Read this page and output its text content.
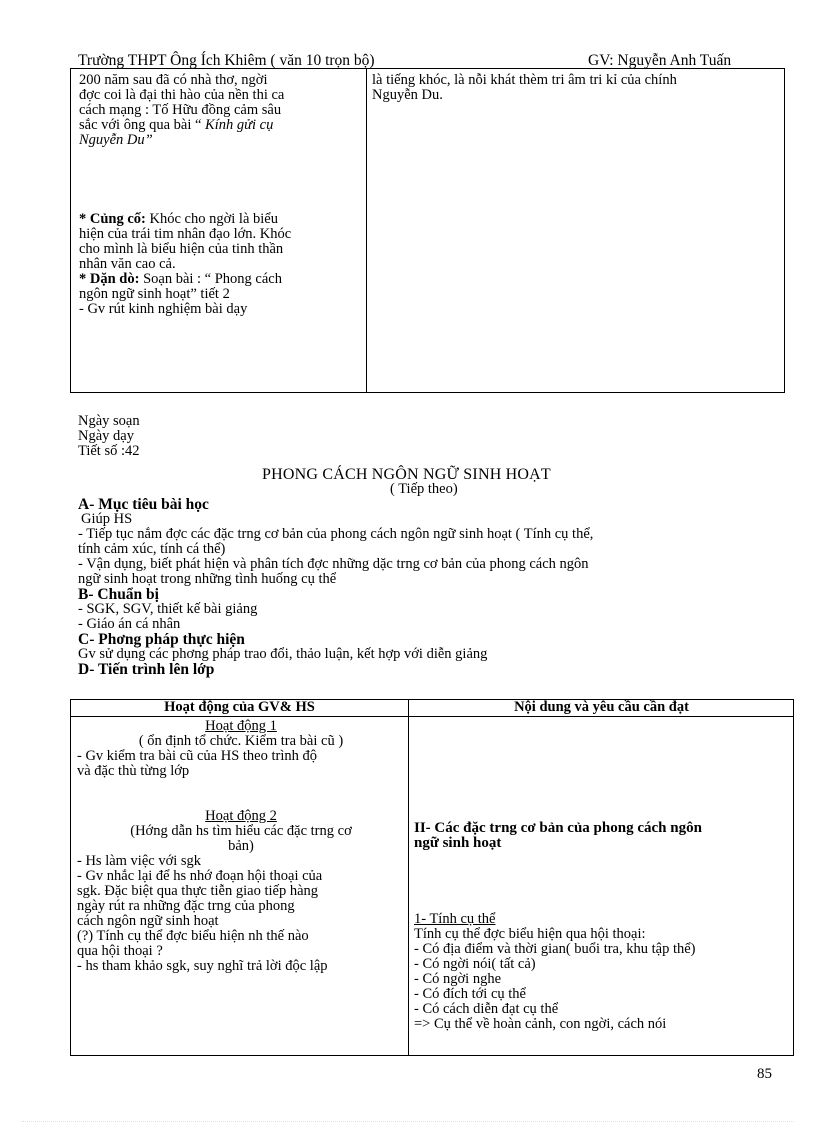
Trường THPT Ông Ích Khiêm ( văn 10 trọn bộ)	GV: Nguyễn Anh Tuấn
200 năm sau đã có nhà thơ, ngời
đợc coi là đại thi hào của nền thi ca
cách mạng : Tố Hữu đồng cảm sâu
sắc với ông qua bài “ Kính gửi cụ
Nguyễn Du”
* Củng cố: Khóc cho ngời là biểu
hiện của trái tim nhân đạo lớn. Khóc
cho mình là biểu hiện của tinh thần
nhân văn cao cả.
* Dặn dò: Soạn bài : “ Phong cách
ngôn ngữ sinh hoạt” tiết 2
- Gv rút kinh nghiệm bài dạy
là tiếng khóc, là nỗi khát thèm tri âm tri kỉ của chính
Nguyễn Du.
Ngày soạn
Ngày dạy
Tiết số :42
PHONG CÁCH NGÔN NGỮ SINH HOẠT
( Tiếp theo)
A- Mục tiêu bài học
Giúp HS
- Tiếp tục nắm đợc các đặc trng cơ bản của phong cách ngôn ngữ sinh hoạt ( Tính cụ thể,
tính cảm xúc, tính cá thể)
- Vận dụng, biết phát hiện và phân tích đợc những dặc trng cơ bản của phong cách ngôn
ngữ sinh hoạt trong những tình huống cụ thể
B- Chuẩn bị
- SGK, SGV, thiết kế bài giảng
- Giáo án cá nhân
C- Phơng pháp thực hiện
Gv sử dụng các phơng pháp trao đổi, thảo luận, kết hợp với diễn giảng
D- Tiến trình lên lớp
Hoạt động của GV& HS	Nội dung và yêu cầu cần đạt
Hoạt động 1
( ổn định tổ chức. Kiểm tra bài cũ )
- Gv kiểm tra bài cũ của HS theo trình độ
và đặc thù từng lớp
Hoạt động 2
(Hớng dẫn hs tìm hiểu các đặc trng cơ
bản)
- Hs làm việc với sgk
- Gv nhắc lại để hs nhớ đoạn hội thoại của
sgk. Đặc biệt qua thực tiễn giao tiếp hàng
ngày rút ra những đặc trng của phong
cách ngôn ngữ sinh hoạt
(?) Tính cụ thể đợc biểu hiện nh thế nào
qua hội thoại ?
- hs tham khảo sgk, suy nghĩ trả lời độc lập
II- Các đặc trng cơ bản của phong cách ngôn
ngữ sinh hoạt
1- Tính cụ thể
Tính cụ thể đợc biểu hiện qua hội thoại:
- Có địa điểm và thời gian( buổi tra, khu tập thể)
- Có ngời nói( tất cả)
- Có ngời nghe
- Có đích tới cụ thể
- Có cách diễn đạt cụ thể
=> Cụ thể về hoàn cảnh, con ngời, cách nói
85
